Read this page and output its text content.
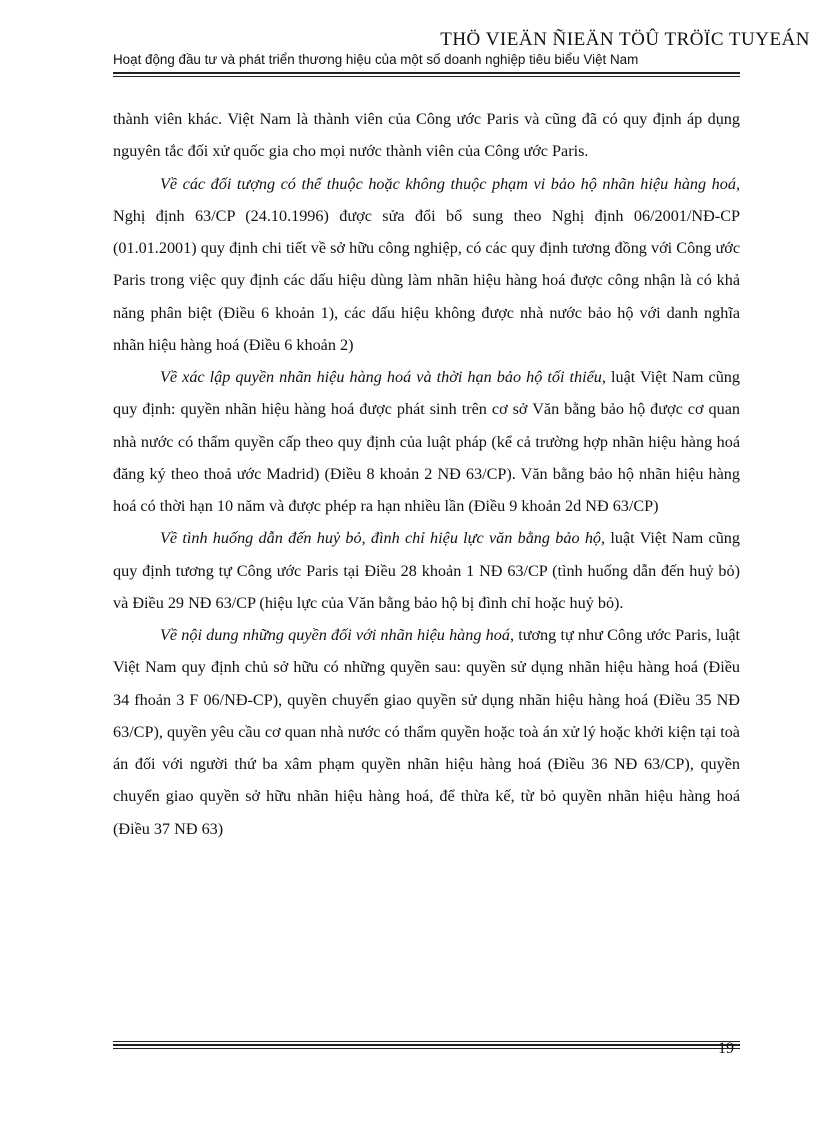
THÖ VIEÄN ÑIEÄN TÖÛ TRÖÏC TUYEÁN
Hoạt động đầu tư và phát triển thương hiệu của một số doanh nghiệp tiêu biểu Việt Nam

thành viên khác. Việt Nam là thành viên của Công ước Paris và cũng đã có quy định áp dụng nguyên tắc đối xử quốc gia cho mọi nước thành viên của Công ước Paris.

Về các đối tượng có thể thuộc hoặc không thuộc phạm vi bảo hộ nhãn hiệu hàng hoá, Nghị định 63/CP (24.10.1996) được sửa đổi bổ sung theo Nghị định 06/2001/NĐ-CP (01.01.2001) quy định chi tiết về sở hữu công nghiệp, có các quy định tương đồng với Công ước Paris trong việc quy định các dấu hiệu dùng làm nhãn hiệu hàng hoá được công nhận là có khả năng phân biệt (Điều 6 khoản 1), các dấu hiệu không được nhà nước bảo hộ với danh nghĩa nhãn hiệu hàng hoá (Điều 6 khoản 2)

Về xác lập quyền nhãn hiệu hàng hoá và thời hạn bảo hộ tối thiểu, luật Việt Nam cũng quy định: quyền nhãn hiệu hàng hoá được phát sinh trên cơ sở Văn bằng bảo hộ được cơ quan nhà nước có thẩm quyền cấp theo quy định của luật pháp (kể cả trường hợp nhãn hiệu hàng hoá đăng ký theo thoả ước Madrid) (Điều 8 khoản 2 NĐ 63/CP). Văn bằng bảo hộ nhãn hiệu hàng hoá có thời hạn 10 năm và được phép ra hạn nhiều lần (Điều 9 khoản 2d NĐ 63/CP)

Về tình huống dẫn đến huỷ bỏ, đình chỉ hiệu lực văn bằng bảo hộ, luật Việt Nam cũng quy định tương tự Công ước Paris tại Điều 28 khoản 1 NĐ 63/CP (tình huống dẫn đến huỷ bỏ) và Điều 29 NĐ 63/CP (hiệu lực của Văn bằng bảo hộ bị đình chỉ hoặc huỷ bỏ).

Về nội dung những quyền đối với nhãn hiệu hàng hoá, tương tự như Công ước Paris, luật Việt Nam quy định chủ sở hữu có những quyền sau: quyền sử dụng nhãn hiệu hàng hoá (Điều 34 fhoản 3 F 06/NĐ-CP), quyền chuyển giao quyền sử dụng nhãn hiệu hàng hoá (Điều 35 NĐ 63/CP), quyền yêu cầu cơ quan nhà nước có thẩm quyền hoặc toà án xử lý hoặc khởi kiện tại toà án đối với người thứ ba xâm phạm quyền nhãn hiệu hàng hoá (Điều 36 NĐ 63/CP), quyền chuyển giao quyền sở hữu nhãn hiệu hàng hoá, để thừa kế, từ bỏ quyền nhãn hiệu hàng hoá (Điều 37 NĐ 63)

19
